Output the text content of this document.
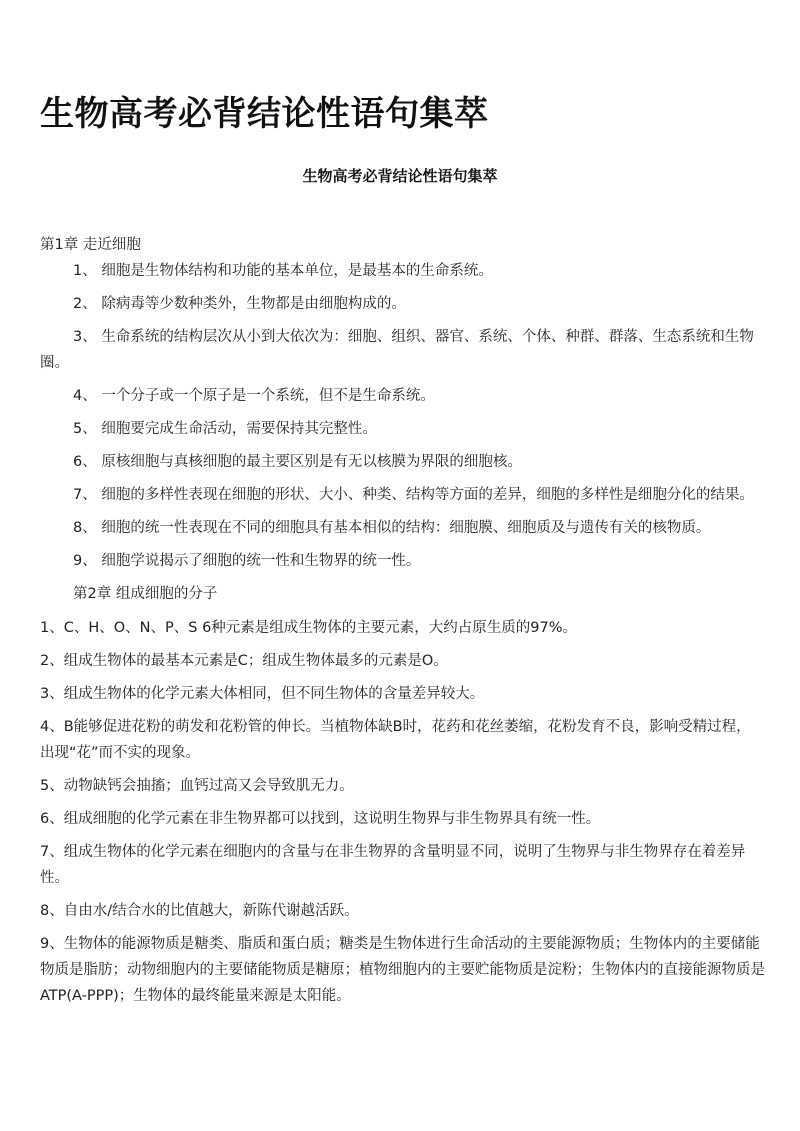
生物高考必背结论性语句集萃
生物高考必背结论性语句集萃

第1章 走近细胞

1、 细胞是生物体结构和功能的基本单位，是最基本的生命系统。

2、 除病毒等少数种类外，生物都是由细胞构成的。

3、 生命系统的结构层次从小到大依次为：细胞、组织、器官、系统、个体、种群、群落、生态系统和生物圈。

4、 一个分子或一个原子是一个系统，但不是生命系统。

5、 细胞要完成生命活动，需要保持其完整性。

6、 原核细胞与真核细胞的最主要区别是有无以核膜为界限的细胞核。

7、 细胞的多样性表现在细胞的形状、大小、种类、结构等方面的差异，细胞的多样性是细胞分化的结果。

8、 细胞的统一性表现在不同的细胞具有基本相似的结构：细胞膜、细胞质及与遗传有关的核物质。

9、 细胞学说揭示了细胞的统一性和生物界的统一性。

第2章 组成细胞的分子

1、C、H、O、N、P、S 6种元素是组成生物体的主要元素，大约占原生质的97%。

2、组成生物体的最基本元素是C；组成生物体最多的元素是O。

3、组成生物体的化学元素大体相同，但不同生物体的含量差异较大。

4、B能够促进花粉的萌发和花粉管的伸长。当植物体缺B时，花药和花丝萎缩，花粉发育不良，影响受精过程，出现“花”而不实的现象。

5、动物缺钙会抽搐；血钙过高又会导致肌无力。

6、组成细胞的化学元素在非生物界都可以找到，这说明生物界与非生物界具有统一性。

7、组成生物体的化学元素在细胞内的含量与在非生物界的含量明显不同，说明了生物界与非生物界存在着差异性。

8、自由水/结合水的比值越大，新陈代谢越活跃。

9、生物体的能源物质是糖类、脂质和蛋白质；糖类是生物体进行生命活动的主要能源物质；生物体内的主要储能物质是脂肪；动物细胞内的主要储能物质是糖原；植物细胞内的主要贮能物质是淀粉；生物体内的直接能源物质是ATP(A-PPP)；生物体的最终能量来源是太阳能。
